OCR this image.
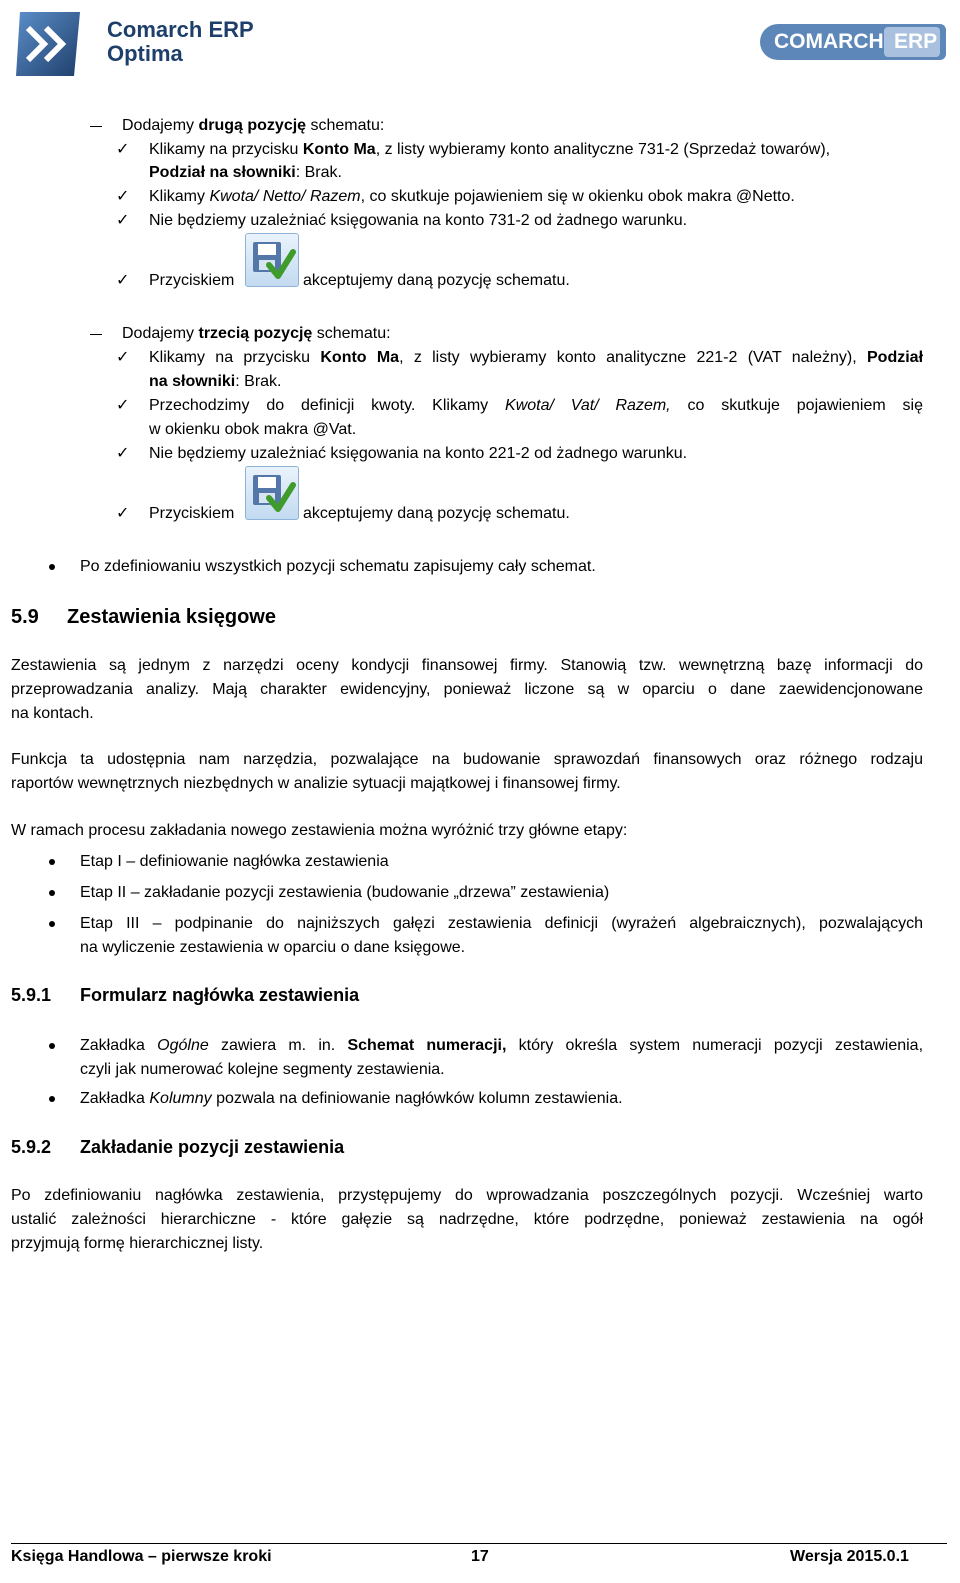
Comarch ERP
Optima	COMARCH ERP
Dodajemy drugą pozycję schematu:
✓ Klikamy na przycisku Konto Ma, z listy wybieramy konto analityczne 731-2 (Sprzedaż towarów),
Podział na słowniki: Brak.
✓ Klikamy Kwota/ Netto/ Razem, co skutkuje pojawieniem się w okienku obok makra @Netto.
✓ Nie będziemy uzależniać księgowania na konto 731-2 od żadnego warunku.
✓ Przyciskiem	akceptujemy daną pozycję schematu.
Dodajemy trzecią pozycję schematu:
✓ Klikamy na przycisku Konto Ma, z listy wybieramy konto analityczne 221-2 (VAT należny), Podział
na słowniki: Brak.
✓ Przechodzimy do definicji kwoty. Klikamy Kwota/ Vat/ Razem, co skutkuje pojawieniem się
w okienku obok makra @Vat.
✓ Nie będziemy uzależniać księgowania na konto 221-2 od żadnego warunku.
✓ Przyciskiem	akceptujemy daną pozycję schematu.
Po zdefiniowaniu wszystkich pozycji schematu zapisujemy cały schemat.
5.9 Zestawienia księgowe
Zestawienia są jednym z narzędzi oceny kondycji finansowej firmy. Stanowią tzw. wewnętrzną bazę informacji do
przeprowadzania analizy. Mają charakter ewidencyjny, ponieważ liczone są w oparciu o dane zaewidencjonowane
na kontach.
Funkcja ta udostępnia nam narzędzia, pozwalające na budowanie sprawozdań finansowych oraz różnego rodzaju
raportów wewnętrznych niezbędnych w analizie sytuacji majątkowej i finansowej firmy.
W ramach procesu zakładania nowego zestawienia można wyróżnić trzy główne etapy:
Etap I – definiowanie nagłówka zestawienia
Etap II – zakładanie pozycji zestawienia (budowanie „drzewa” zestawienia)
Etap III – podpinanie do najniższych gałęzi zestawienia definicji (wyrażeń algebraicznych), pozwalających
na wyliczenie zestawienia w oparciu o dane księgowe.
5.9.1 Formularz nagłówka zestawienia
Zakładka Ogólne zawiera m. in. Schemat numeracji, który określa system numeracji pozycji zestawienia,
czyli jak numerować kolejne segmenty zestawienia.
Zakładka Kolumny pozwala na definiowanie nagłówków kolumn zestawienia.
5.9.2 Zakładanie pozycji zestawienia
Po zdefiniowaniu nagłówka zestawienia, przystępujemy do wprowadzania poszczególnych pozycji. Wcześniej warto
ustalić zależności hierarchiczne - które gałęzie są nadrzędne, które podrzędne, ponieważ zestawienia na ogół
przyjmują formę hierarchicznej listy.
Księga Handlowa – pierwsze kroki	17	Wersja 2015.0.1
